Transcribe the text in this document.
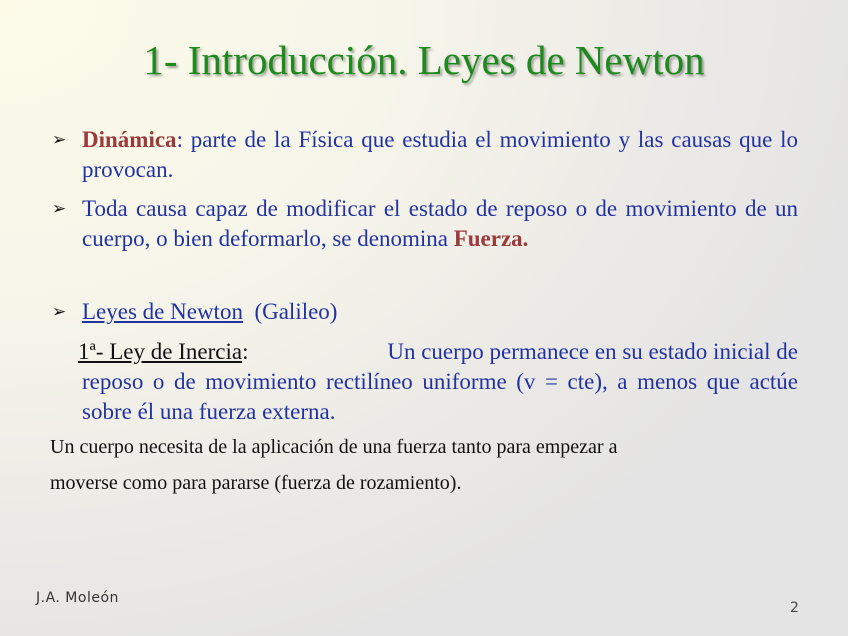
1- Introducción. Leyes de Newton
➢ Dinámica: parte de la Física que estudia el movimiento y las causas que lo provocan.
➢ Toda causa capaz de modificar el estado de reposo o de movimiento de un cuerpo, o bien deformarlo, se denomina Fuerza.
➢ Leyes de Newton (Galileo)
1ª- Ley de Inercia:	Un cuerpo permanece en su estado inicial de
reposo o de movimiento rectilíneo uniforme (v = cte), a menos que actúe sobre él una fuerza externa.

Un cuerpo necesita de la aplicación de una fuerza tanto para empezar a

moverse como para pararse (fuerza de rozamiento).

J.A. Moleón
2
